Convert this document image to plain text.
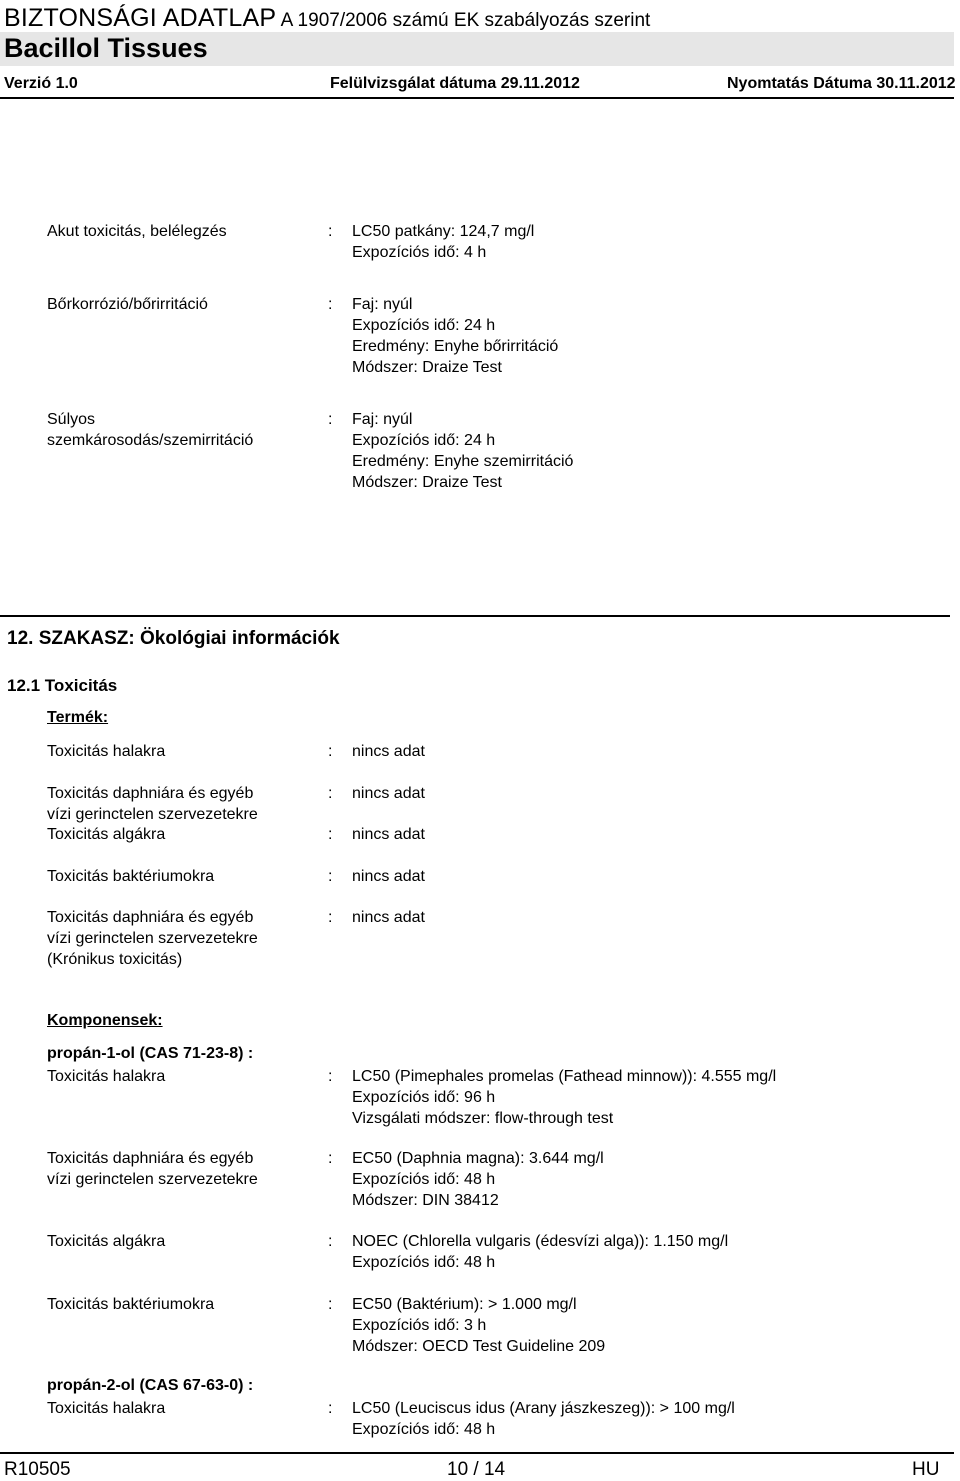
BIZTONSÁGI ADATLAP A 1907/2006 számú EK szabályozás szerint
Bacillol Tissues
Verzió 1.0	Felülvizsgálat dátuma 29.11.2012	Nyomtatás Dátuma 30.11.2012
Akut toxicitás, belélegzés	: LC50 patkány: 124,7 mg/l
Expozíciós idő: 4 h
Bőrkorrózió/bőrirritáció	: Faj: nyúl
Expozíciós idő: 24 h
Eredmény: Enyhe bőrirritáció
Módszer: Draize Test
Súlyos
szemkárosodás/szemirritáció
: Faj: nyúl
Expozíciós idő: 24 h
Eredmény: Enyhe szemirritáció
Módszer: Draize Test
12. SZAKASZ: Ökológiai információk
12.1 Toxicitás
Termék:
Toxicitás halakra	: nincs adat
Toxicitás daphniára és egyéb
vízi gerinctelen szervezetekre
: nincs adat
Toxicitás algákra	: nincs adat
Toxicitás baktériumokra	: nincs adat
Toxicitás daphniára és egyéb
vízi gerinctelen szervezetekre
(Krónikus toxicitás)
: nincs adat
Komponensek:
propán-1-ol (CAS 71-23-8) :
Toxicitás halakra	: LC50 (Pimephales promelas (Fathead minnow)): 4.555 mg/l
Expozíciós idő: 96 h
Vizsgálati módszer: flow-through test
Toxicitás daphniára és egyéb
vízi gerinctelen szervezetekre
: EC50 (Daphnia magna): 3.644 mg/l
Expozíciós idő: 48 h
Módszer: DIN 38412
Toxicitás algákra	: NOEC (Chlorella vulgaris (édesvízi alga)): 1.150 mg/l
Expozíciós idő: 48 h
Toxicitás baktériumokra	: EC50 (Baktérium): > 1.000 mg/l
Expozíciós idő: 3 h
Módszer: OECD Test Guideline 209
propán-2-ol (CAS 67-63-0) :
Toxicitás halakra	: LC50 (Leuciscus idus (Arany jászkeszeg)): > 100 mg/l
Expozíciós idő: 48 h
R10505	10 / 14	HU
